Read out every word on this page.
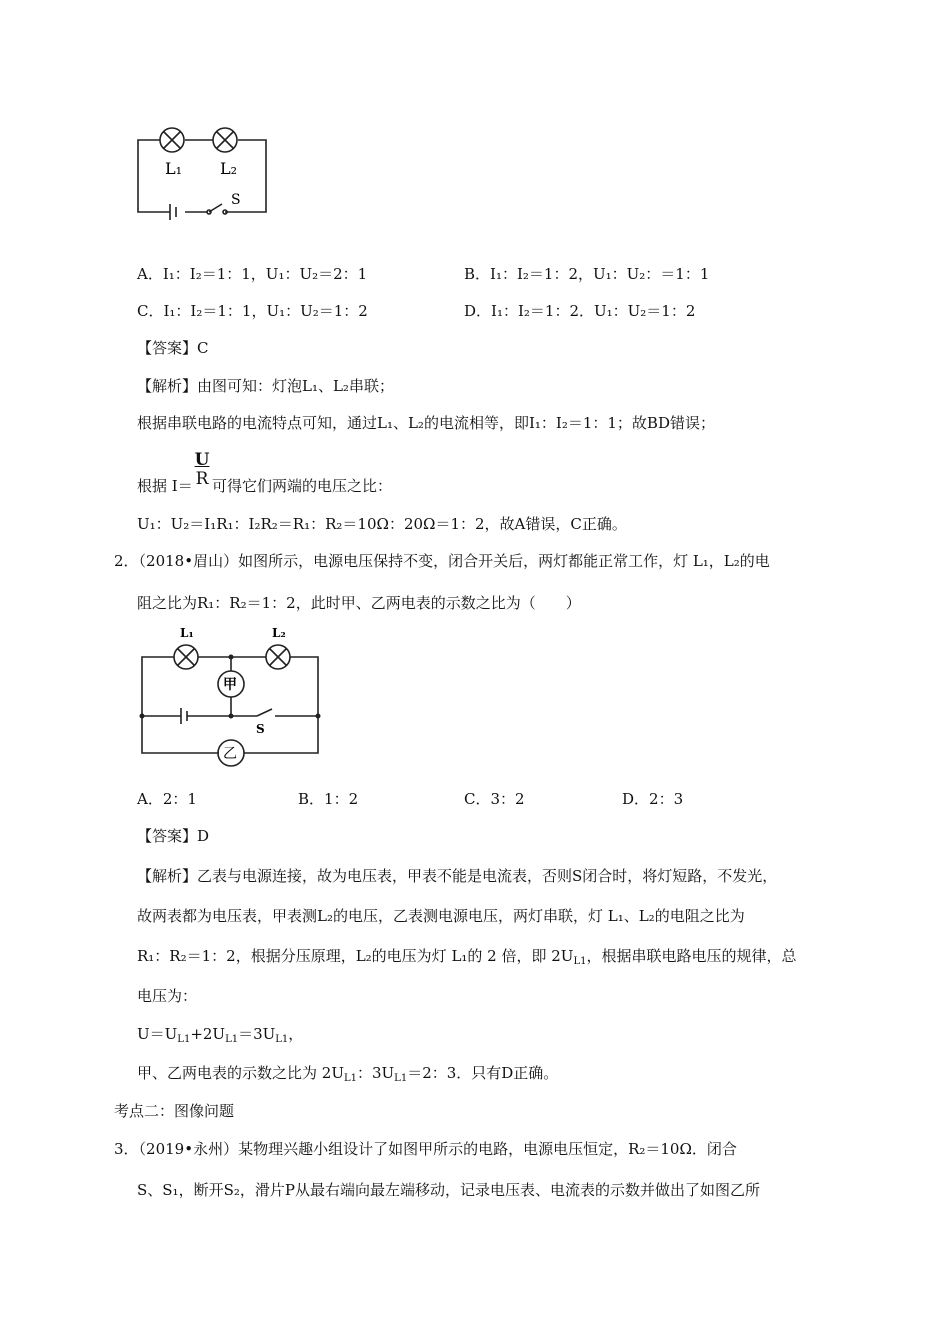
L₁ L₂
S
A．I₁：I₂＝1：1，U₁：U₂＝2：1	B．I₁：I₂＝1：2，U₁：U₂：＝1：1
C．I₁：I₂＝1：1，U₁：U₂＝1：2	D．I₁：I₂＝1：2．U₁：U₂＝1：2
【答案】C
【解析】由图可知：灯泡L₁、L₂串联；
根据串联电路的电流特点可知，通过L₁、L₂的电流相等，即I₁：I₂＝1：1；故BD错误；
根据 $I= \frac{U}{R}$ 可得它们两端的电压之比：
U₁：U₂＝I₁R₁：I₂R₂＝R₁：R₂＝10Ω：20Ω＝1：2，故A错误，C正确。
2．（2018•眉山）如图所示，电源电压保持不变，闭合开关后，两灯都能正常工作，灯 L₁，L₂的电
阻之比为R₁：R₂＝1：2，此时甲、乙两电表的示数之比为（　　）
L₁	L₂
甲
乙
S
A．2：1	B．1：2	C．3：2	D．2：3
【答案】D
【解析】乙表与电源连接，故为电压表，甲表不能是电流表，否则S闭合时，将灯短路，不发光，
故两表都为电压表，甲表测L₂的电压，乙表测电源电压，两灯串联，灯 L₁、L₂的电阻之比为
R₁：R₂＝1：2，根据分压原理，L₂的电压为灯 L₁的 2 倍，即 $2U_{L1}$，根据串联电路电压的规律，总
电压为：
$U=U_{L1}+2U_{L1}=3U_{L1}$，
甲、乙两电表的示数之比为 $2U_{L1}$：$3U_{L1}=2$：3．只有D正确。
考点二：图像问题
3．（2019•永州）某物理兴趣小组设计了如图甲所示的电路，电源电压恒定，R₂＝10Ω．闭合
S、S₁，断开S₂，滑片P从最右端向最左端移动，记录电压表、电流表的示数并做出了如图乙所
